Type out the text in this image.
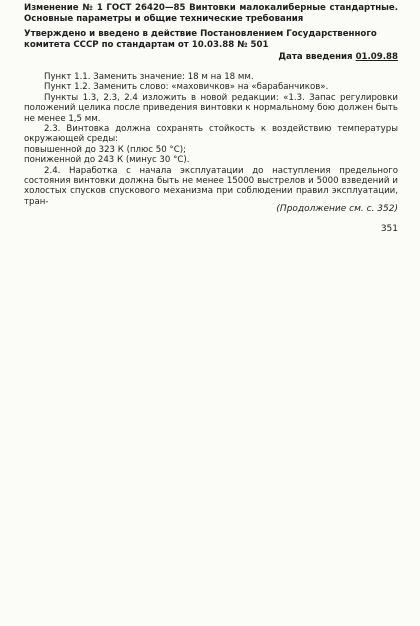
Изменение № 1 ГОСТ 26420—85 Винтовки малокалиберные стандартные. Основные параметры и общие технические требования
Утверждено и введено в действие Постановлением Государственного комитета СССР по стандартам от 10.03.88 № 501
Дата введения 01.09.88

Пункт 1.1. Заменить значение: 18 м на 18 мм.

Пункт 1.2. Заменить слово: «маховичков» на «барабанчиков».

Пункты 1.3, 2.3, 2.4 изложить в новой редакции: «1.3. Запас регулировки положений целика после приведения винтовки к нормальному бою должен быть не менее 1,5 мм.

2.3. Винтовка должна сохранять стойкость к воздействию температуры окружающей среды:

повышенной до 323 К (плюс 50 °С);

пониженной до 243 К (минус 30 °С).

2.4. Наработка с начала эксплуатации до наступления предельного состояния винтовки должна быть не менее 15000 выстрелов и 5000 взведений и холостых спусков спускового механизма при соблюдении правил эксплуатации, тран-

(Продолжение см. с. 352)
351
